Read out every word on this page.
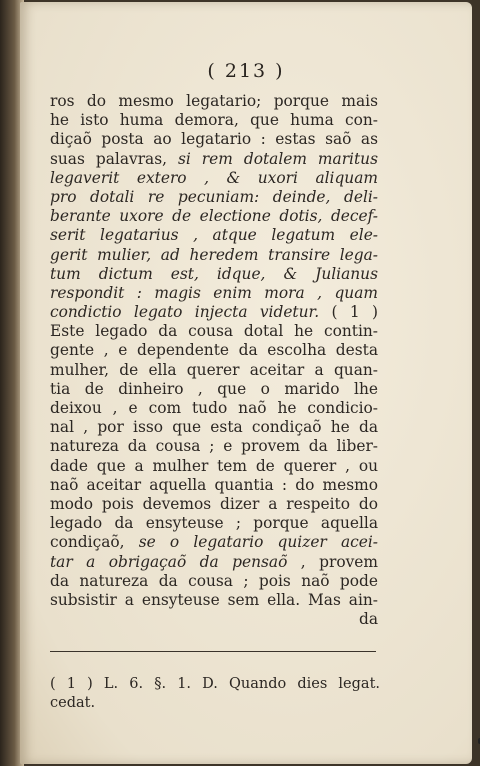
( 213 )
ros do mesmo legatario; porque mais
he isto huma demora, que huma con-
diçaõ posta ao legatario : estas saõ as
suas palavras, si rem dotalem maritus
legaverit extero , & uxori aliquam
pro dotali re pecuniam: deinde, deli-
berante uxore de electione dotis, decef-
serit legatarius , atque legatum ele-
gerit mulier, ad heredem transire lega-
tum dictum est, idque, & Julianus
respondit : magis enim mora , quam
condictio legato injecta videtur. ( 1 )
Este legado da cousa dotal he contin-
gente , e dependente da escolha desta
mulher, de ella querer aceitar a quan-
tia de dinheiro , que o marido lhe
deixou , e com tudo naõ he condicio-
nal , por isso que esta condiçaõ he da
natureza da cousa ; e provem da liber-
dade que a mulher tem de querer , ou
naõ aceitar aquella quantia : do mesmo
modo pois devemos dizer a respeito do
legado da ensyteuse ; porque aquella
condiçaõ, se o legatario quizer acei-
tar a obrigaçaõ da pensaõ , provem
da natureza da cousa ; pois naõ pode
subsistir a ensyteuse sem ella. Mas ain-
da
( 1 ) L. 6. §. 1. D. Quando dies legat.
cedat.
